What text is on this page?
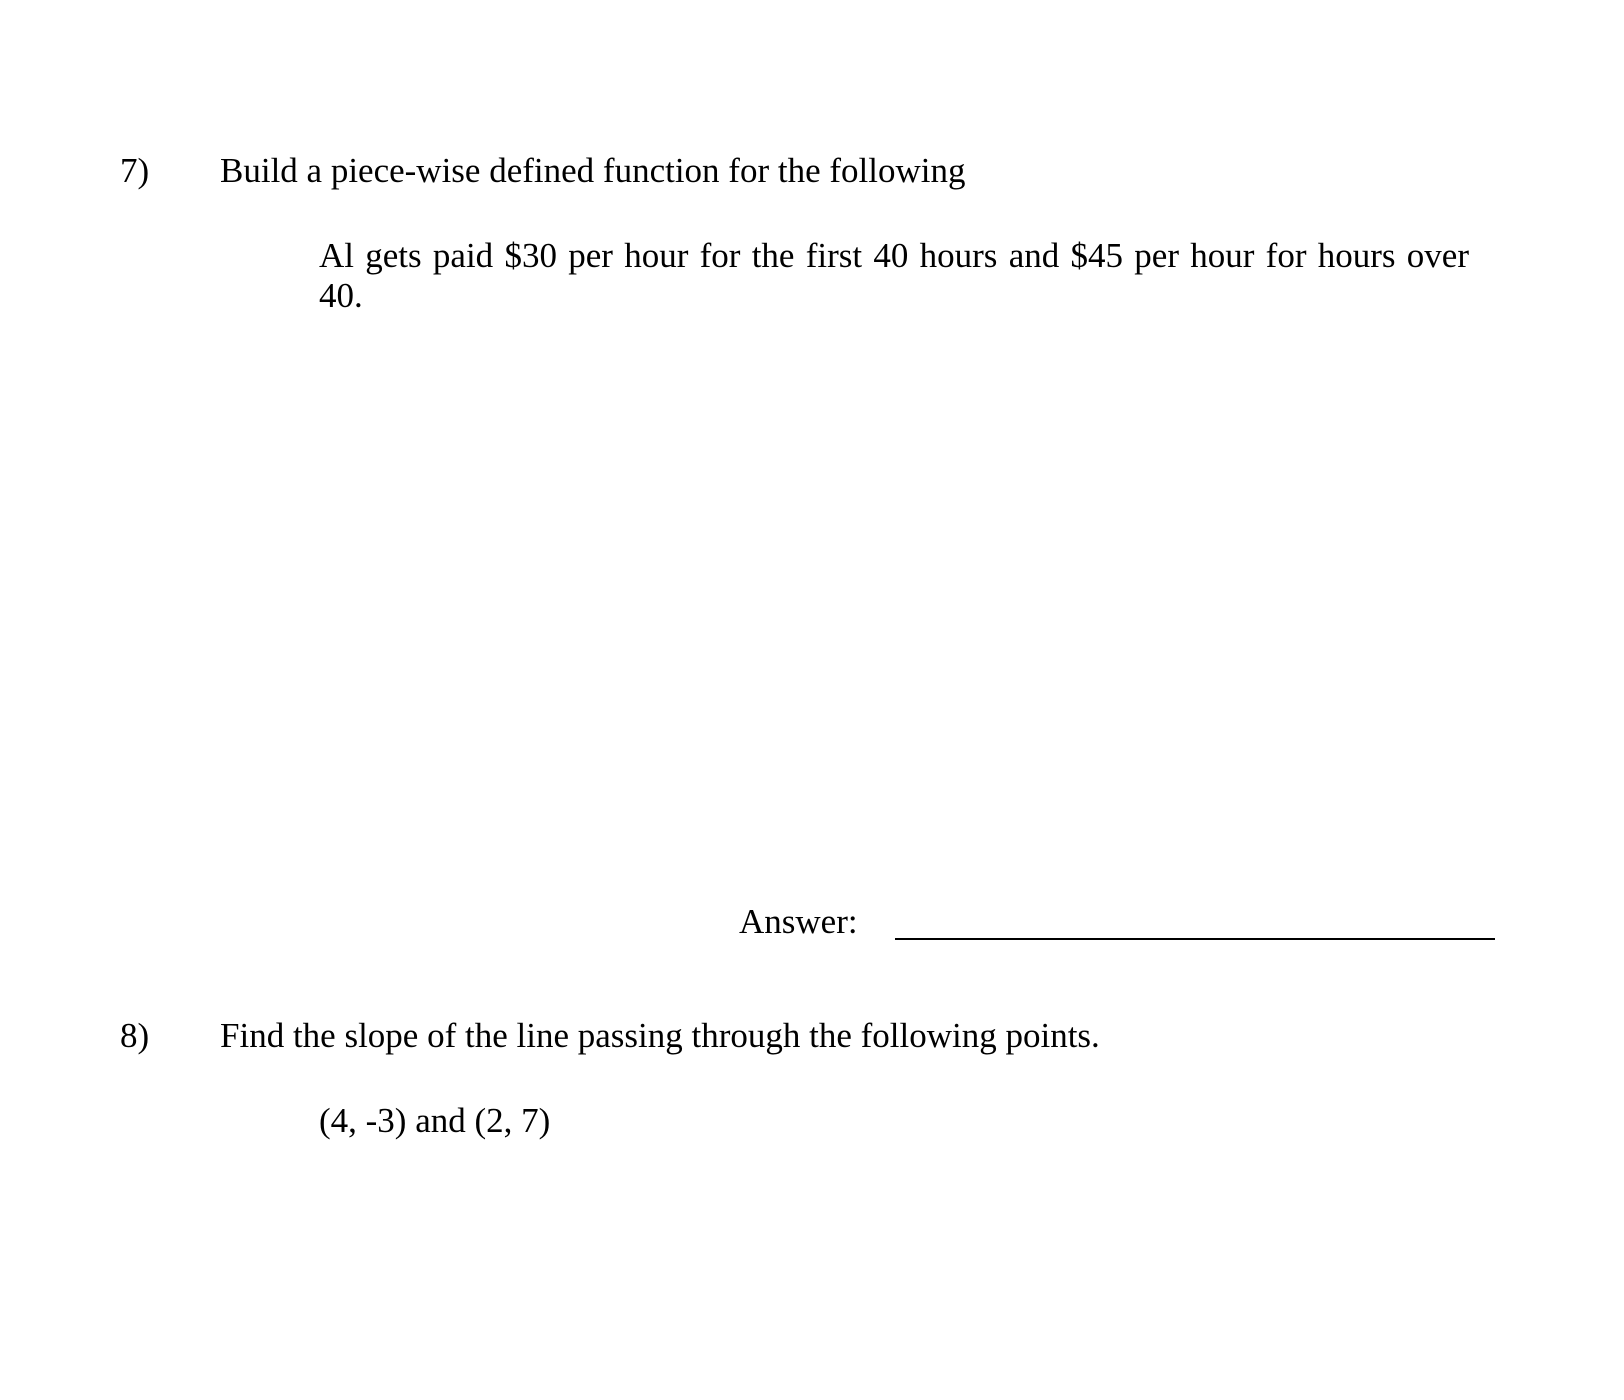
7) Build a piece-wise defined function for the following
Al gets paid $30 per hour for the first 40 hours and $45 per hour for hours over 40.
Answer:
8) Find the slope of the line passing through the following points.
(4, -3) and (2, 7)
